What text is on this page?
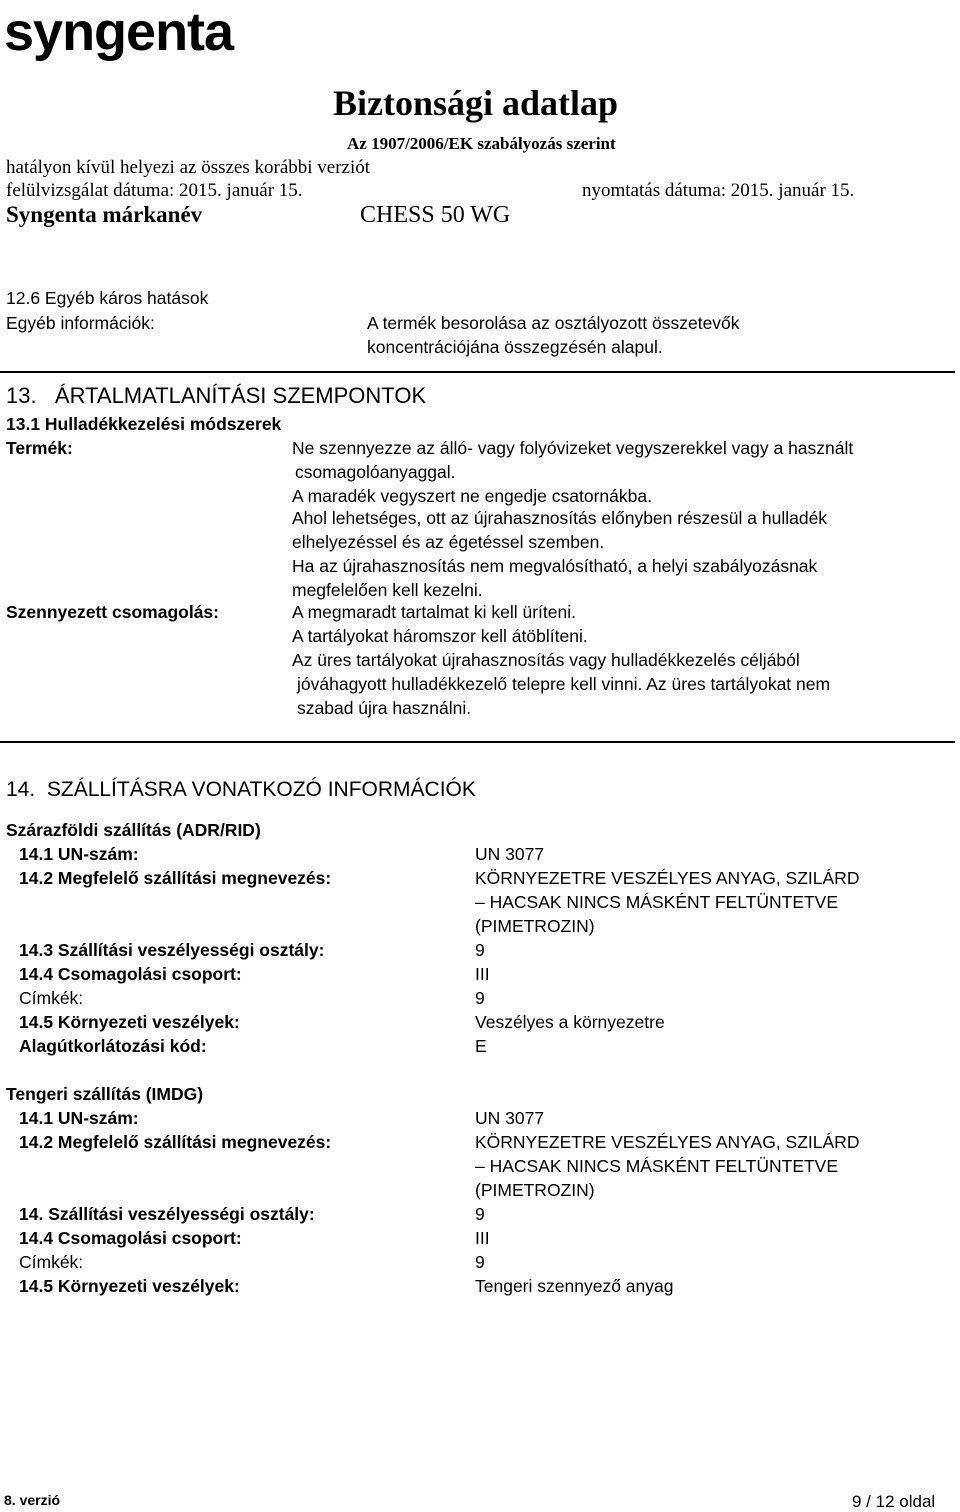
syngenta
Biztonsági adatlap
Az 1907/2006/EK szabályozás szerint
hatályon kívül helyezi az összes korábbi verziót
felülvizsgálat dátuma: 2015. január 15.	nyomtatás dátuma: 2015. január 15.
Syngenta márkanév	CHESS 50 WG
12.6 Egyéb káros hatások
Egyéb információk:	A termék besorolása az osztályozott összetevők
koncentrációjána összegzésén alapul.
13.   ÁRTALMATLANÍTÁSI SZEMPONTOK
13.1 Hulladékkezelési módszerek
Termék:	Ne szennyezze az álló- vagy folyóvizeket vegyszerekkel vagy a használt
csomagolóanyaggal.
A maradék vegyszert ne engedje csatornákba.
Ahol lehetséges, ott az újrahasznosítás előnyben részesül a hulladék
elhelyezéssel és az égetéssel szemben.
Ha az újrahasznosítás nem megvalósítható, a helyi szabályozásnak
megfelelően kell kezelni.
Szennyezett csomagolás:	A megmaradt tartalmat ki kell üríteni.
A tartályokat háromszor kell átöblíteni.
Az üres tartályokat újrahasznosítás vagy hulladékkezelés céljából
jóváhagyott hulladékkezelő telepre kell vinni. Az üres tartályokat nem
szabad újra használni.
14.  SZÁLLÍTÁSRA VONATKOZÓ INFORMÁCIÓK
Szárazföldi szállítás (ADR/RID)
14.1 UN-szám:	UN 3077
14.2 Megfelelő szállítási megnevezés:	KÖRNYEZETRE VESZÉLYES ANYAG, SZILÁRD
– HACSAK NINCS MÁSKÉNT FELTÜNTETVE
(PIMETROZIN)
14.3 Szállítási veszélyességi osztály:	9
14.4 Csomagolási csoport:	III
Címkék:	9
14.5 Környezeti veszélyek:	Veszélyes a környezetre
Alagútkorlátozási kód:	E
Tengeri szállítás (IMDG)
14.1 UN-szám:	UN 3077
14.2 Megfelelő szállítási megnevezés:	KÖRNYEZETRE VESZÉLYES ANYAG, SZILÁRD
– HACSAK NINCS MÁSKÉNT FELTÜNTETVE
(PIMETROZIN)
14. Szállítási veszélyességi osztály:	9
14.4 Csomagolási csoport:	III
Címkék:	9
14.5 Környezeti veszélyek:	Tengeri szennyező anyag
8. verzió	9 / 12 oldal
